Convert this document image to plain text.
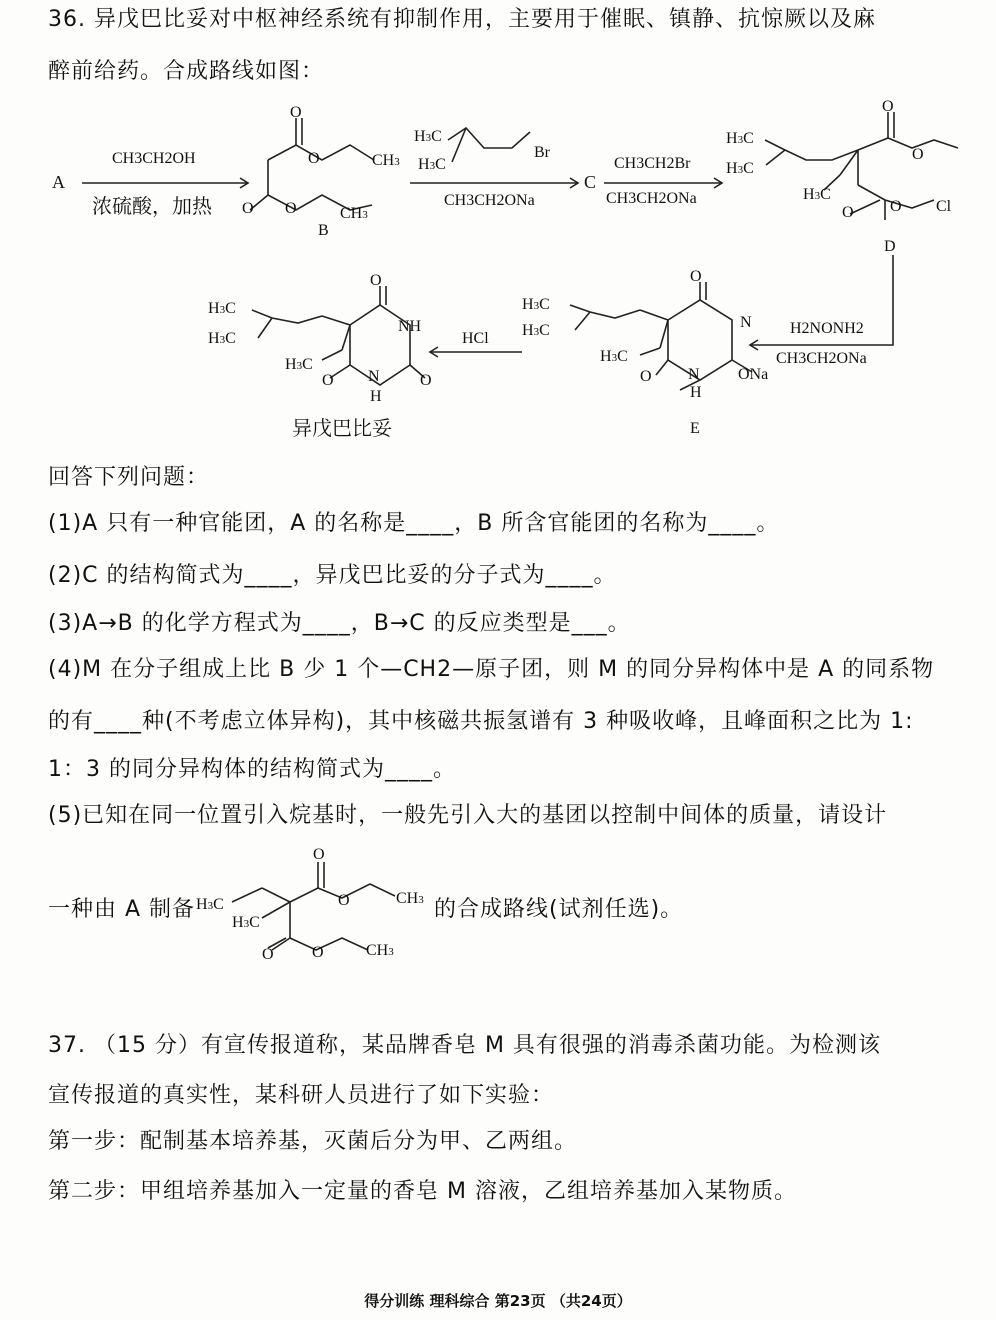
36. 异戊巴比妥对中枢神经系统有抑制作用，主要用于催眠、镇静、抗惊厥以及麻
醉前给药。合成路线如图：
A
CH3CH2OH
浓硫酸，加热
O
O	CH3
O O	CH3
B
H3C
H3C
Br
CH3CH2ONa
C
CH3CH2Br
CH3CH2ONa
H3C
H3C
H3C
O
O
O O Cl
D
H2NONH2
CH3CH2ONa
H3C
H3C
H3C
O
N
ONa
N
H
O
E
HCl
H3C
H3C
H3C
O
NH
N
H
O	O
异戊巴比妥
回答下列问题：
(1)A 只有一种官能团，A 的名称是____，B 所含官能团的名称为____。
(2)C 的结构简式为____，异戊巴比妥的分子式为____。
(3)A→B 的化学方程式为____，B→C 的反应类型是___。
(4)M 在分子组成上比 B 少 1 个—CH2—原子团，则 M 的同分异构体中是 A 的同系物
的有____种(不考虑立体异构)，其中核磁共振氢谱有 3 种吸收峰，且峰面积之比为 1:
1：3 的同分异构体的结构简式为____。
(5)已知在同一位置引入烷基时，一般先引入大的基团以控制中间体的质量，请设计
一种由 A 制备 H3C
H3C
O
O	CH3
O O	CH3
的合成路线(试剂任选)。
37. （15 分）有宣传报道称，某品牌香皂 M 具有很强的消毒杀菌功能。为检测该
宣传报道的真实性，某科研人员进行了如下实验：
第一步：配制基本培养基，灭菌后分为甲、乙两组。
第二步：甲组培养基加入一定量的香皂 M 溶液，乙组培养基加入某物质。
得分训练 理科综合 第23页 （共24页）
